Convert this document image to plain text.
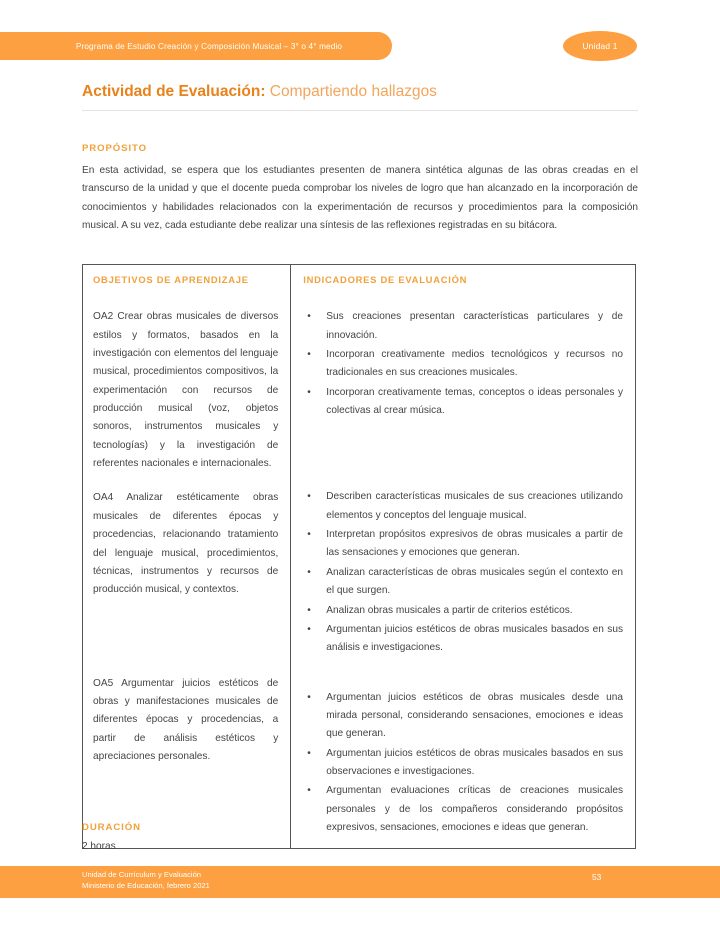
Programa de Estudio Creación y Composición Musical – 3° o 4° medio	Unidad 1
Actividad de Evaluación: Compartiendo hallazgos
PROPÓSITO
En esta actividad, se espera que los estudiantes presenten de manera sintética algunas de las obras creadas en el transcurso de la unidad y que el docente pueda comprobar los niveles de logro que han alcanzado en la incorporación de conocimientos y habilidades relacionados con la experimentación de recursos y procedimientos para la composición musical. A su vez, cada estudiante debe realizar una síntesis de las reflexiones registradas en su bitácora.
OBJETIVOS DE APRENDIZAJE
OA2 Crear obras musicales de diversos estilos y formatos, basados en la investigación con elementos del lenguaje musical, procedimientos compositivos, la experimentación con recursos de producción musical (voz, objetos sonoros, instrumentos musicales y tecnologías) y la investigación de referentes nacionales e internacionales.
OA4 Analizar estéticamente obras musicales de diferentes épocas y procedencias, relacionando tratamiento del lenguaje musical, procedimientos, técnicas, instrumentos y recursos de producción musical, y contextos.
OA5 Argumentar juicios estéticos de obras y manifestaciones musicales de diferentes épocas y procedencias, a partir de análisis estéticos y apreciaciones personales.
INDICADORES DE EVALUACIÓN
• Sus creaciones presentan características particulares y de innovación.
• Incorporan creativamente medios tecnológicos y recursos no tradicionales en sus creaciones musicales.
• Incorporan creativamente temas, conceptos o ideas personales y colectivas al crear música.
• Describen características musicales de sus creaciones utilizando elementos y conceptos del lenguaje musical.
• Interpretan propósitos expresivos de obras musicales a partir de las sensaciones y emociones que generan.
• Analizan características de obras musicales según el contexto en el que surgen.
• Analizan obras musicales a partir de criterios estéticos.
• Argumentan juicios estéticos de obras musicales basados en sus análisis e investigaciones.
• Argumentan juicios estéticos de obras musicales desde una mirada personal, considerando sensaciones, emociones e ideas que generan.
• Argumentan juicios estéticos de obras musicales basados en sus observaciones e investigaciones.
• Argumentan evaluaciones críticas de creaciones musicales personales y de los compañeros considerando propósitos expresivos, sensaciones, emociones e ideas que generan.
DURACIÓN
2 horas
Unidad de Currículum y Evaluación
Ministerio de Educación, febrero 2021
53
